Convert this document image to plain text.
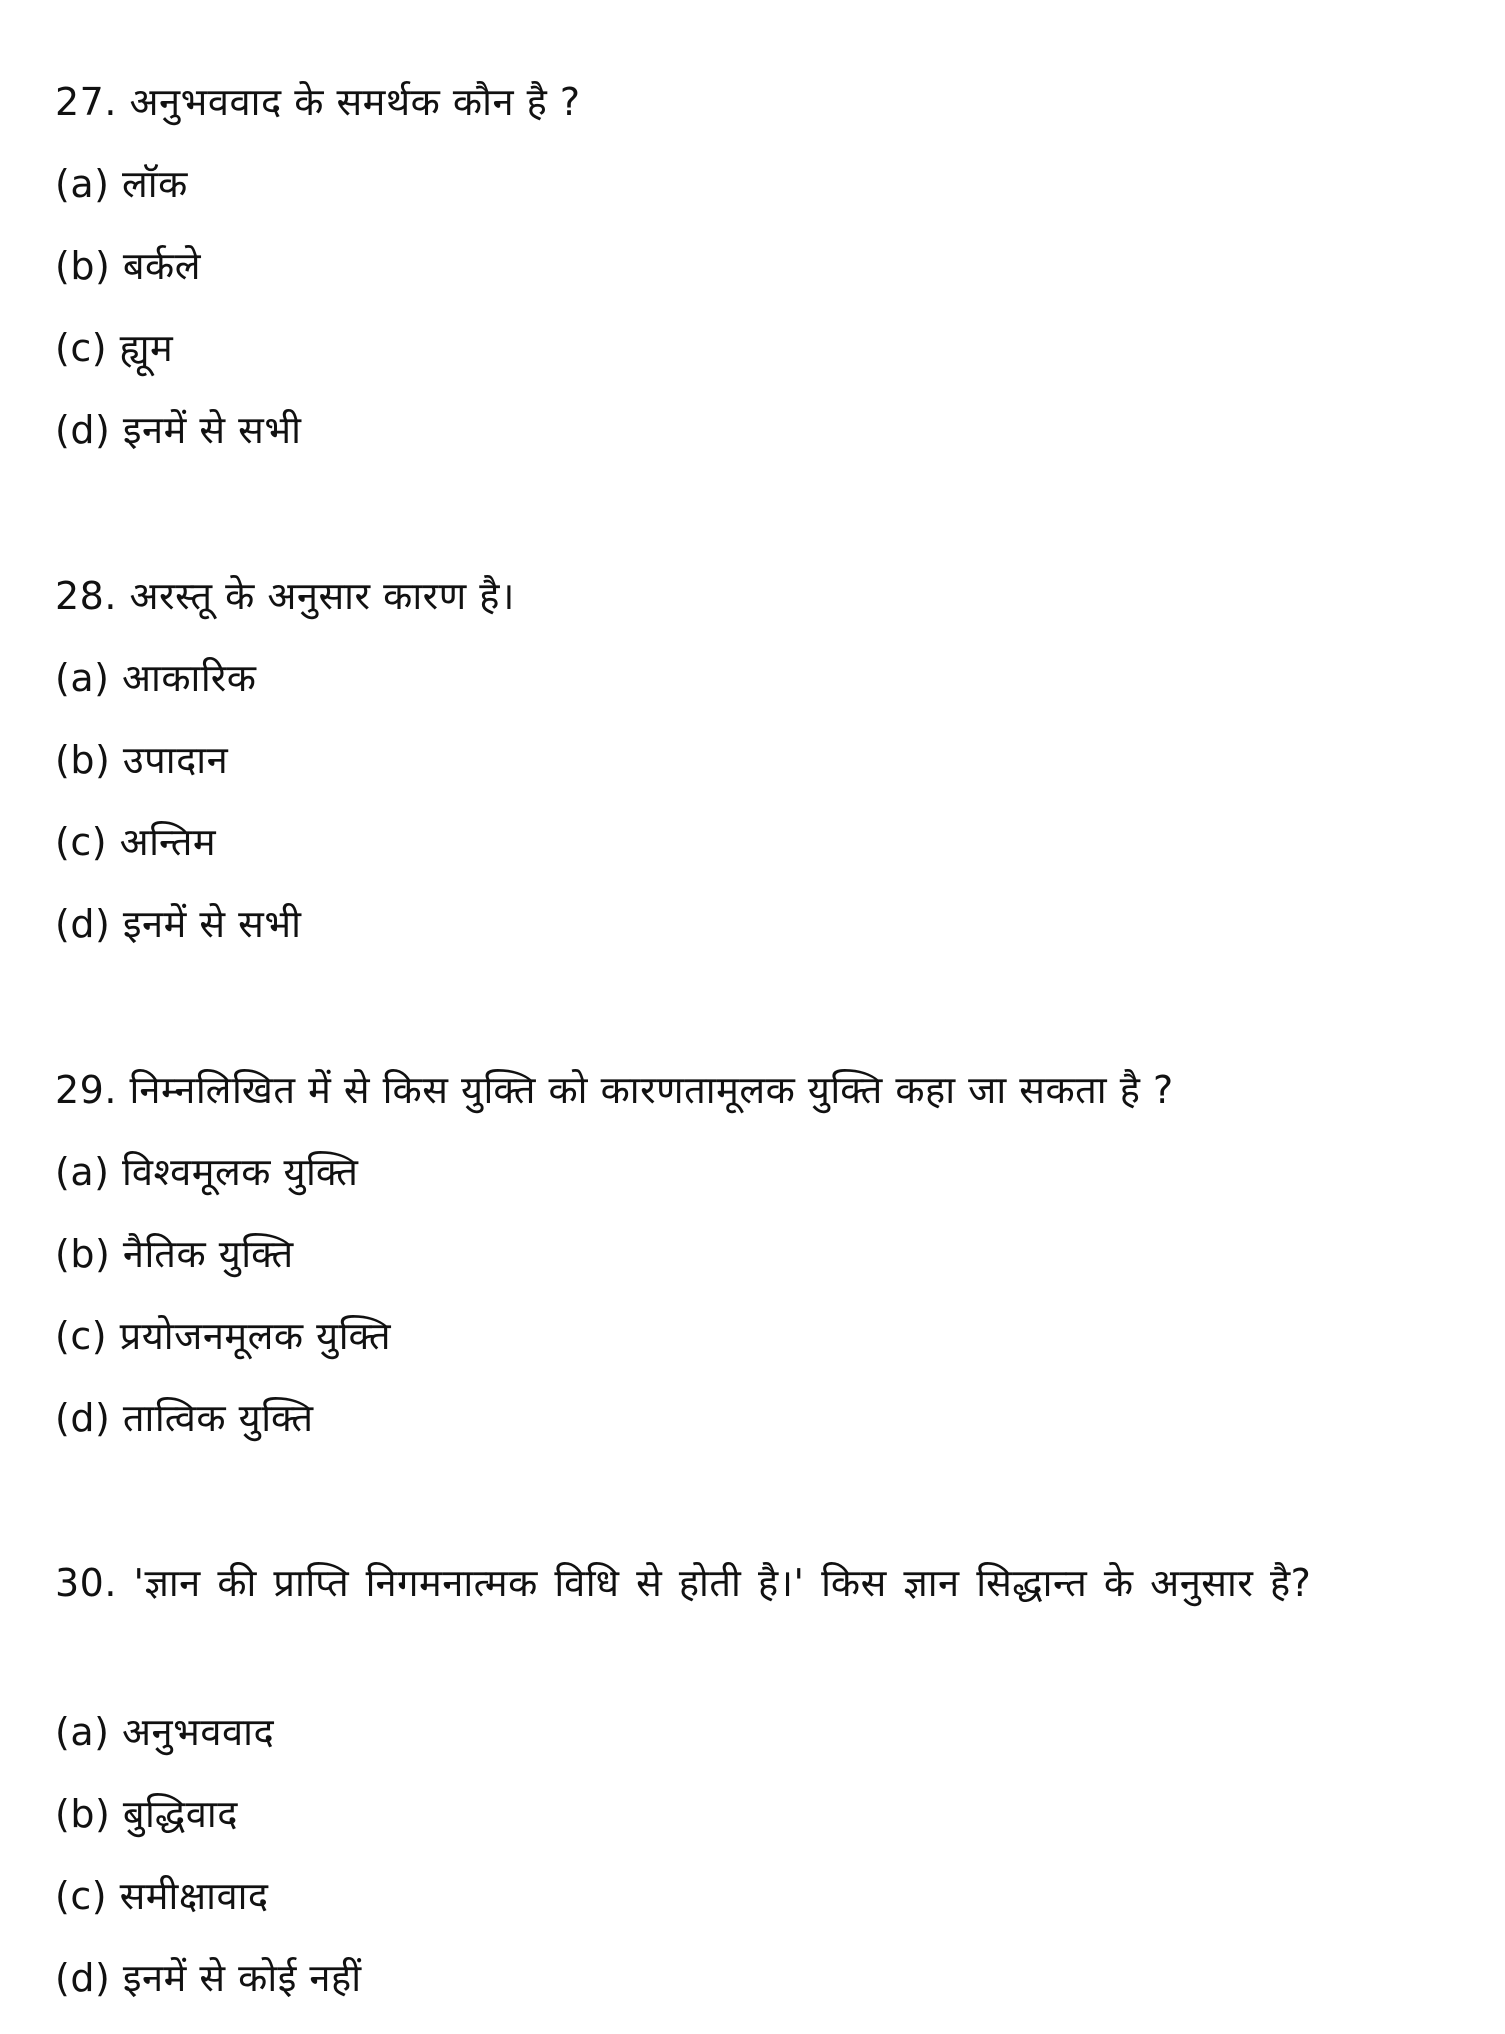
27. अनुभववाद के समर्थक कौन है ?
(a) लॉक
(b) बर्कले
(c) ह्यूम
(d) इनमें से सभी
28. अरस्तू के अनुसार कारण है।
(a) आकारिक
(b) उपादान
(c) अन्तिम
(d) इनमें से सभी
29. निम्नलिखित में से किस युक्ति को कारणतामूलक युक्ति कहा जा सकता है ?
(a) विश्वमूलक युक्ति
(b) नैतिक युक्ति
(c) प्रयोजनमूलक युक्ति
(d) तात्विक युक्ति
30. 'ज्ञान की प्राप्ति निगमनात्मक विधि से होती है।' किस ज्ञान सिद्धान्त के अनुसार है?
(a) अनुभववाद
(b) बुद्धिवाद
(c) समीक्षावाद
(d) इनमें से कोई नहीं
